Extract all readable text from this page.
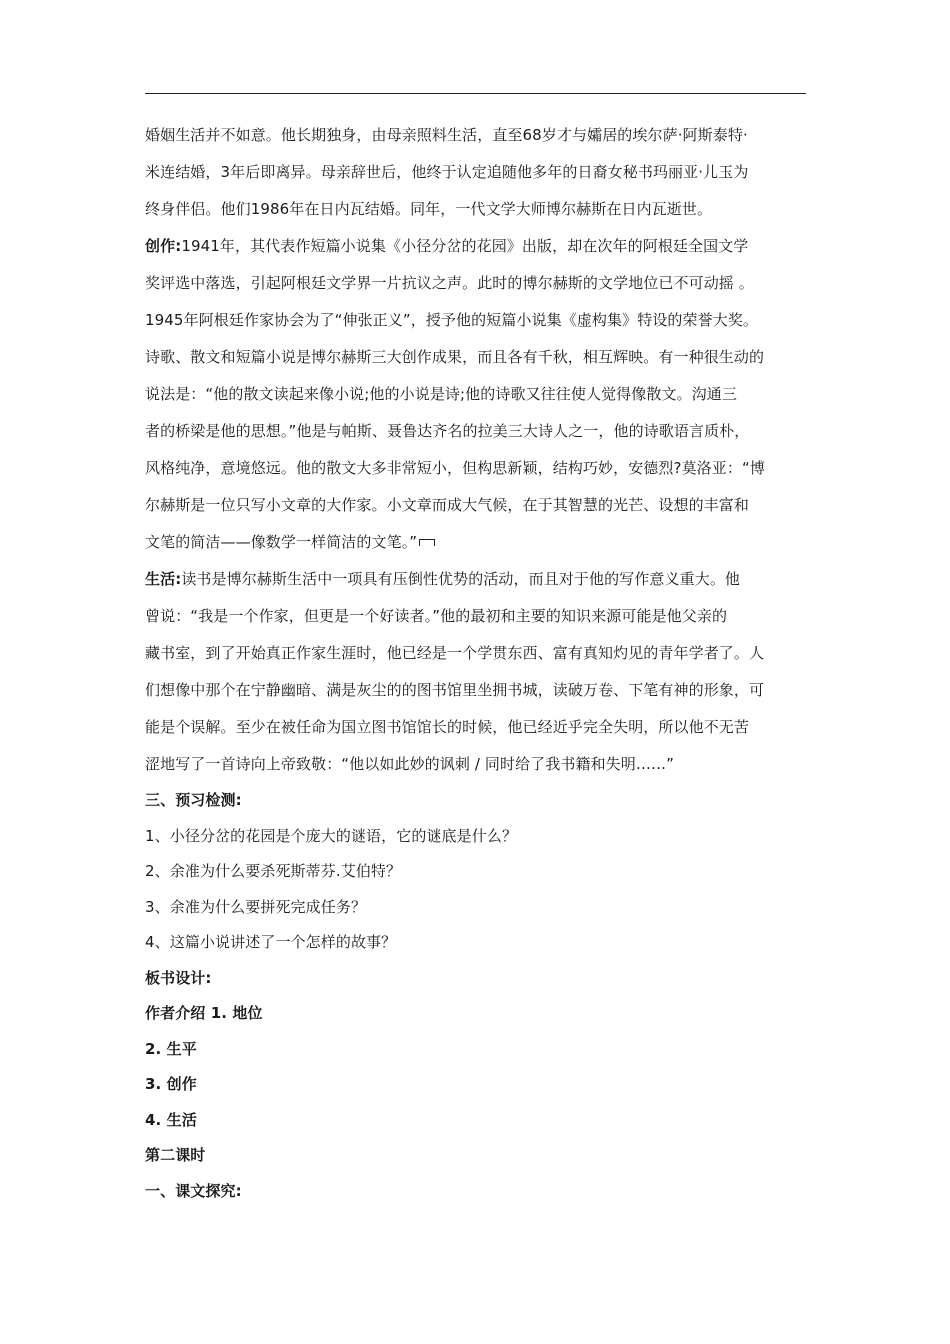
婚姻生活并不如意。他长期独身，由母亲照料生活，直至68岁才与孀居的埃尔萨·阿斯泰特·
米连结婚，3年后即离异。母亲辞世后，他终于认定追随他多年的日裔女秘书玛丽亚·儿玉为
终身伴侣。他们1986年在日内瓦结婚。同年，一代文学大师博尔赫斯在日内瓦逝世。
创作:1941年，其代表作短篇小说集《小径分岔的花园》出版，却在次年的阿根廷全国文学
奖评选中落选，引起阿根廷文学界一片抗议之声。此时的博尔赫斯的文学地位已不可动摇 。
1945年阿根廷作家协会为了“伸张正义”，授予他的短篇小说集《虚构集》特设的荣誉大奖。
诗歌、散文和短篇小说是博尔赫斯三大创作成果，而且各有千秋，相互辉映。有一种很生动的
说法是：“他的散文读起来像小说;他的小说是诗;他的诗歌又往往使人觉得像散文。沟通三
者的桥梁是他的思想。”他是与帕斯、聂鲁达齐名的拉美三大诗人之一，他的诗歌语言质朴，
风格纯净，意境悠远。他的散文大多非常短小，但构思新颖，结构巧妙，安德烈?莫洛亚：“博
尔赫斯是一位只写小文章的大作家。小文章而成大气候，在于其智慧的光芒、设想的丰富和
文笔的简洁——像数学一样简洁的文笔。”
生活:读书是博尔赫斯生活中一项具有压倒性优势的活动，而且对于他的写作意义重大。他
曾说：“我是一个作家，但更是一个好读者。”他的最初和主要的知识来源可能是他父亲的
藏书室，到了开始真正作家生涯时，他已经是一个学贯东西、富有真知灼见的青年学者了。人
们想像中那个在宁静幽暗、满是灰尘的的图书馆里坐拥书城，读破万卷、下笔有神的形象，可
能是个误解。至少在被任命为国立图书馆馆长的时候，他已经近乎完全失明，所以他不无苦
涩地写了一首诗向上帝致敬：“他以如此妙的讽刺 / 同时给了我书籍和失明……”
三、预习检测:
1、小径分岔的花园是个庞大的谜语，它的谜底是什么？
2、余准为什么要杀死斯蒂芬.艾伯特？
3、余准为什么要拼死完成任务？
4、这篇小说讲述了一个怎样的故事？
板书设计:
作者介绍 1. 地位
2. 生平
3. 创作
4. 生活
第二课时
一、课文探究:
